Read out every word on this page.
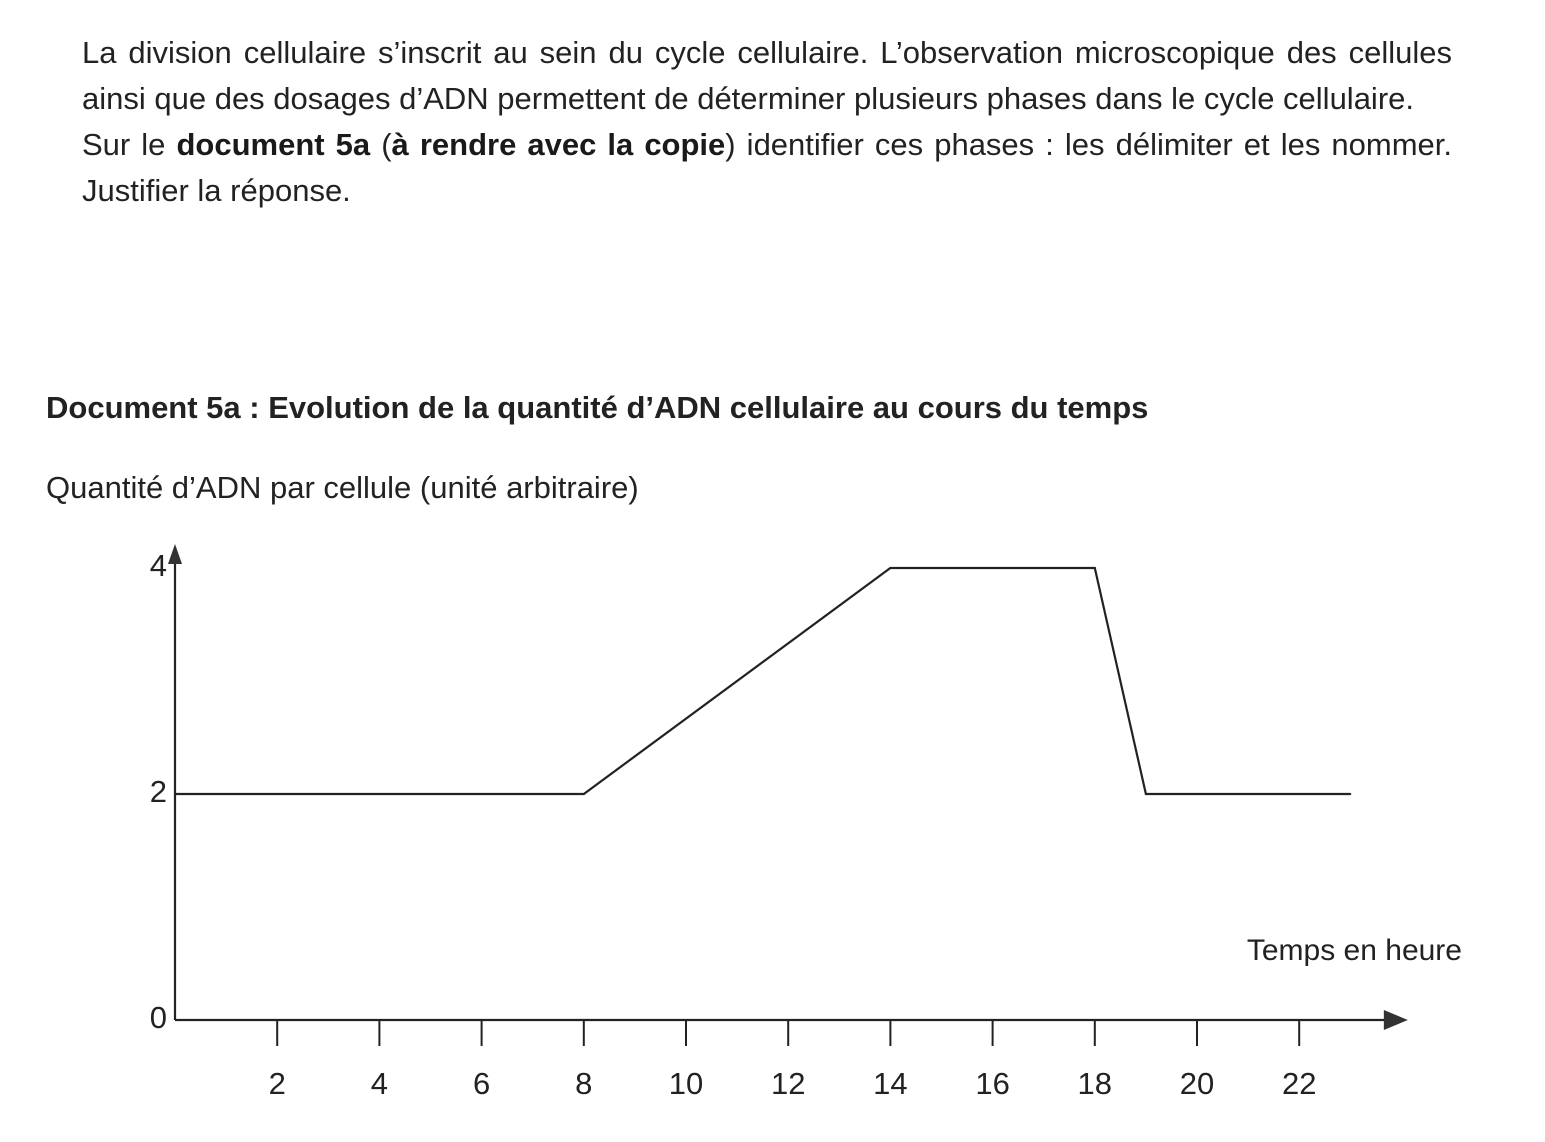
La division cellulaire s’inscrit au sein du cycle cellulaire. L’observation microscopique des cellules ainsi que des dosages d’ADN permettent de déterminer plusieurs phases dans le cycle cellulaire.

Sur le document 5a (à rendre avec la copie) identifier ces phases : les délimiter et les nommer. Justifier la réponse.

Document 5a : Evolution de la quantité d’ADN cellulaire au cours du temps
Quantité d’ADN par cellule (unité arbitraire)
2	4	6	8 10 12 14 16 18 20 22
0
2
4
Temps en heure
